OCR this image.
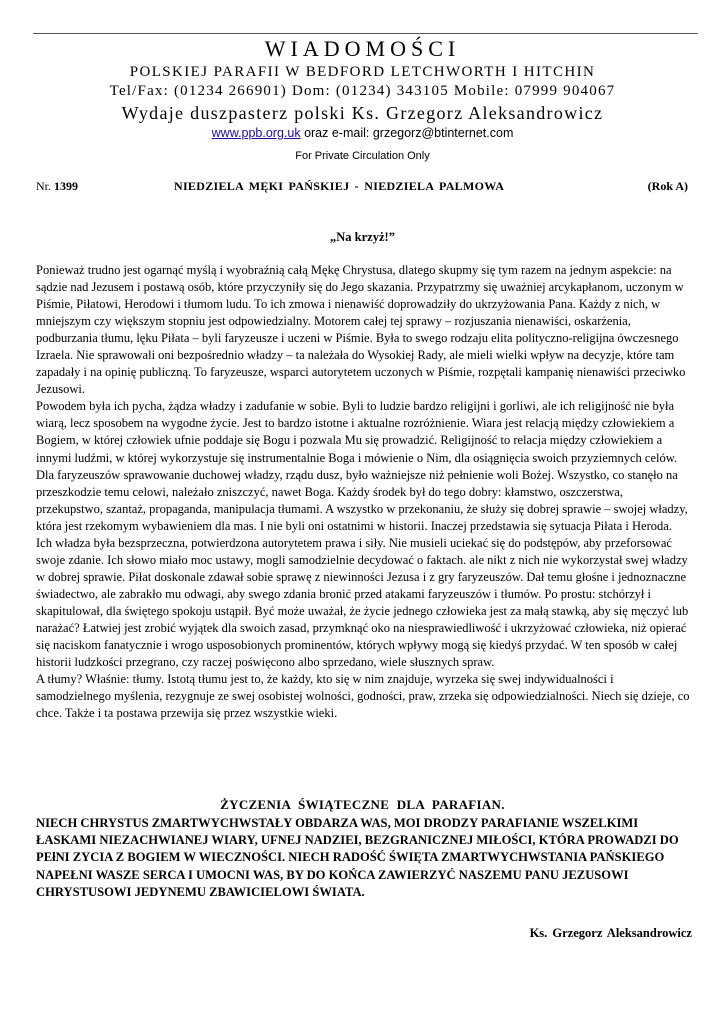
WIADOMOŚCI
POLSKIEJ PARAFII W BEDFORD LETCHWORTH I HITCHIN
Tel/Fax: (01234 266901) Dom: (01234) 343105 Mobile: 07999 904067
Wydaje duszpasterz polski Ks. Grzegorz Aleksandrowicz
www.ppb.org.uk oraz e-mail: grzegorz@btinternet.com
For Private Circulation Only
Nr. 1399	NIEDZIELA MĘKI PAŃSKIEJ - NIEDZIELA PALMOWA	(Rok A)
„Na krzyż!”

Ponieważ trudno jest ogarnąć myślą i wyobraźnią całą Mękę Chrystusa, dlatego skupmy się tym razem na jednym aspekcie: na sądzie nad Jezusem i postawą osób, które przyczyniły się do Jego skazania. Przypatrzmy się uważniej arcykapłanom, uczonym w Piśmie, Piłatowi, Herodowi i tłumom ludu. To ich zmowa i nienawiść doprowadziły do ukrzyżowania Pana. Każdy z nich, w mniejszym czy większym stopniu jest odpowiedzialny. Motorem całej tej sprawy – rozjuszania nienawiści, oskarżenia, podburzania tłumu, lęku Piłata – byli faryzeusze i uczeni w Piśmie. Była to swego rodzaju elita polityczno-religijna ówczesnego Izraela. Nie sprawowali oni bezpośrednio władzy – ta należała do Wysokiej Rady, ale mieli wielki wpływ na decyzje, które tam zapadały i na opinię publiczną. To faryzeusze, wsparci autorytetem uczonych w Piśmie, rozpętali kampanię nienawiści przeciwko Jezusowi.

Powodem była ich pycha, żądza władzy i zadufanie w sobie. Byli to ludzie bardzo religijni i gorliwi, ale ich religijność nie była wiarą, lecz sposobem na wygodne życie. Jest to bardzo istotne i aktualne rozróżnienie. Wiara jest relacją między człowiekiem a Bogiem, w której człowiek ufnie poddaje się Bogu i pozwala Mu się prowadzić. Religijność to relacja między człowiekiem a innymi ludźmi, w której wykorzystuje się instrumentalnie Boga i mówienie o Nim, dla osiągnięcia swoich przyziemnych celów. Dla faryzeuszów sprawowanie duchowej władzy, rządu dusz, było ważniejsze niż pełnienie woli Bożej. Wszystko, co stanęło na przeszkodzie temu celowi, należało zniszczyć, nawet Boga. Każdy środek był do tego dobry: kłamstwo, oszczerstwa, przekupstwo, szantaż, propaganda, manipulacja tłumami. A wszystko w przekonaniu, że służy się dobrej sprawie – swojej władzy, która jest rzekomym wybawieniem dla mas. I nie byli oni ostatnimi w historii. Inaczej przedstawia się sytuacja Piłata i Heroda. Ich władza była bezsprzeczna, potwierdzona autorytetem prawa i siły. Nie musieli uciekać się do podstępów, aby przeforsować swoje zdanie. Ich słowo miało moc ustawy, mogli samodzielnie decydować o faktach. ale nikt z nich nie wykorzystał swej władzy w dobrej sprawie. Piłat doskonale zdawał sobie sprawę z niewinności Jezusa i z gry faryzeuszów. Dał temu głośne i jednoznaczne świadectwo, ale zabrakło mu odwagi, aby swego zdania bronić przed atakami faryzeuszów i tłumów. Po prostu: stchórzył i skapitulował, dla świętego spokoju ustąpił. Być może uważał, że życie jednego człowieka jest za małą stawką, aby się męczyć lub narażać? Łatwiej jest zrobić wyjątek dla swoich zasad, przymknąć oko na niesprawiedliwość i ukrzyżować człowieka, niż opierać się naciskom fanatycznie i wrogo usposobionych prominentów, których wpływy mogą się kiedyś przydać. W ten sposób w całej historii ludzkości przegrano, czy raczej poświęcono albo sprzedano, wiele słusznych spraw.

A tłumy? Właśnie: tłumy. Istotą tłumu jest to, że każdy, kto się w nim znajduje, wyrzeka się swej indywidualności i samodzielnego myślenia, rezygnuje ze swej osobistej wolności, godności, praw, zrzeka się odpowiedzialności. Niech się dzieje, co chce. Także i ta postawa przewija się przez wszystkie wieki.

ŻYCZENIA ŚWIĄTECZNE DLA PARAFIAN.

NIECH CHRYSTUS ZMARTWYCHWSTAŁY OBDARZA WAS, MOI DRODZY PARAFIANIE WSZELKIMI ŁASKAMI NIEZACHWIANEJ WIARY, UFNEJ NADZIEI, BEZGRANICZNEJ MIŁOŚCI, KTÓRA PROWADZI DO PEłNI ZYCIA Z BOGIEM W WIECZNOŚCI. NIECH RADOŚĆ ŚWIĘTA ZMARTWYCHWSTANIA PAŃSKIEGO NAPEŁNI WASZE SERCA I UMOCNI WAS, BY DO KOŃCA ZAWIERZYĆ NASZEMU PANU JEZUSOWI CHRYSTUSOWI JEDYNEMU ZBAWICIELOWI ŚWIATA.

Ks. Grzegorz Aleksandrowicz
